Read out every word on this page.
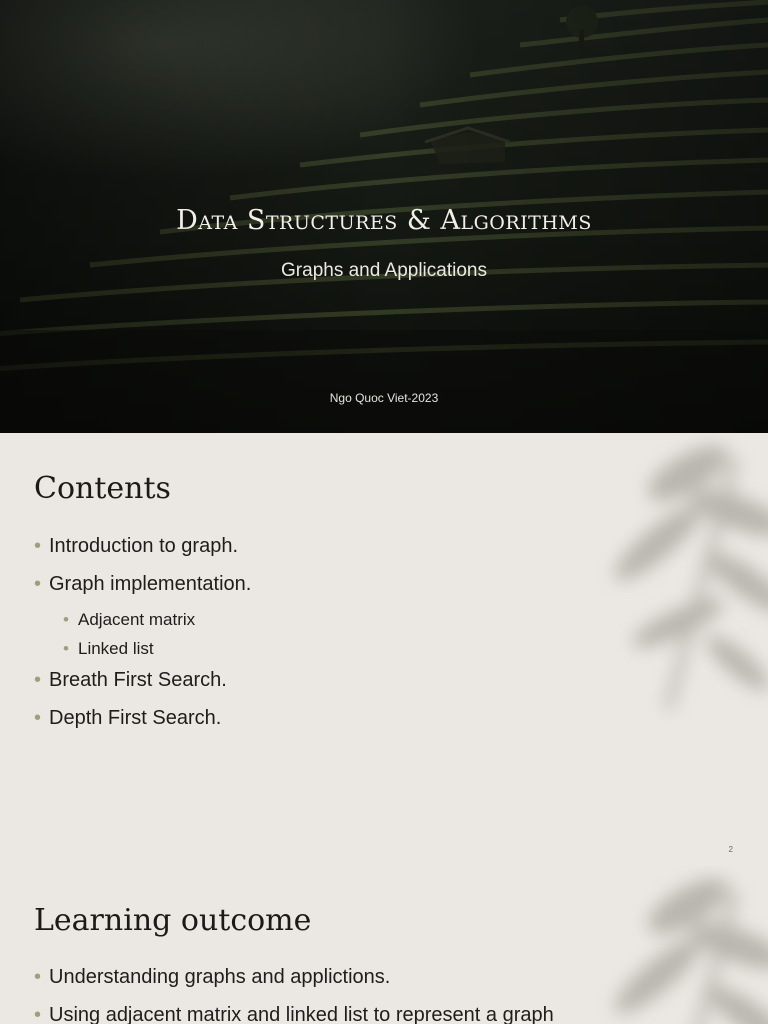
Data Structures & Algorithms
Graphs and Applications
Ngo Quoc Viet-2023
Contents
• Introduction to graph.
• Graph implementation.
• Adjacent matrix
• Linked list
• Breath First Search.
• Depth First Search.
2
Learning outcome
• Understanding graphs and applictions.
• Using adjacent matrix and linked list to represent a graph
